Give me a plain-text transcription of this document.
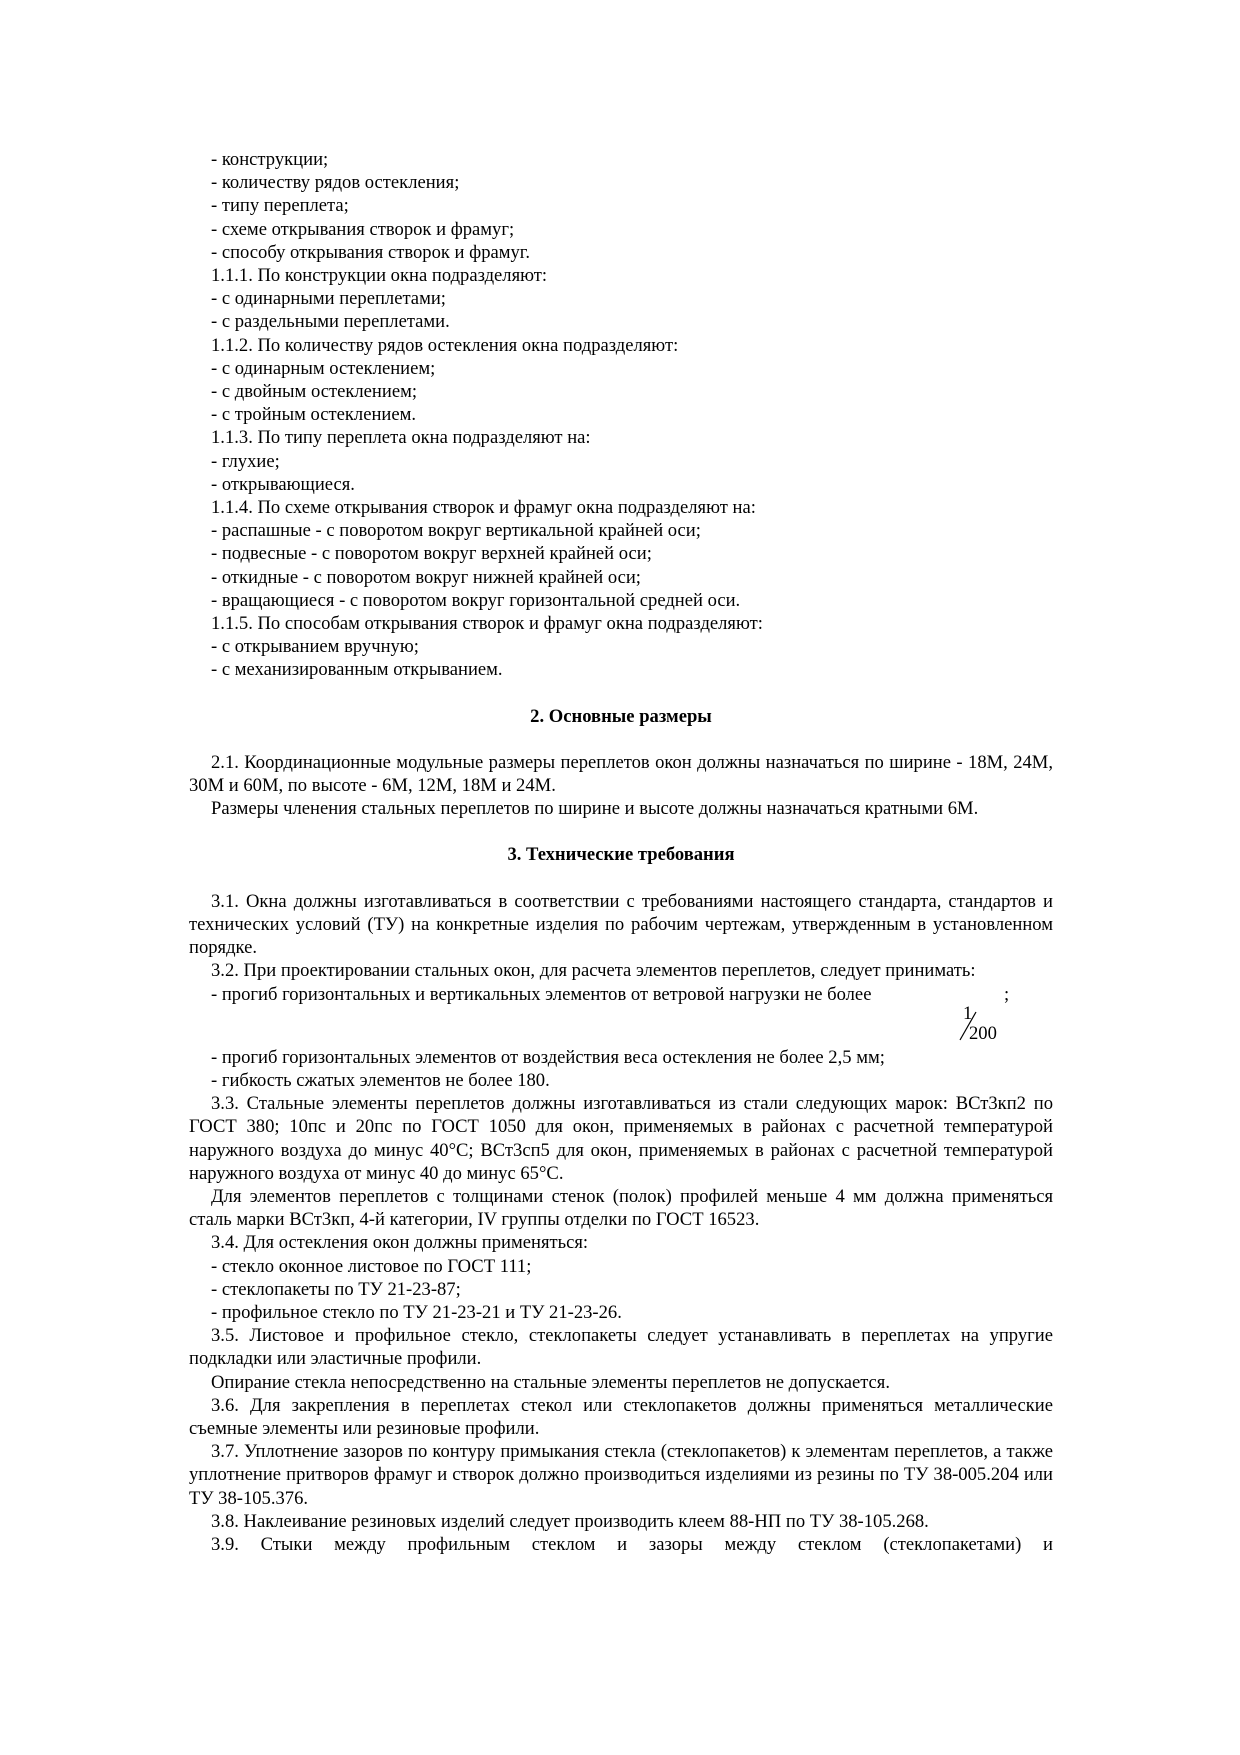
- конструкции;

- количеству рядов остекления;

- типу переплета;

- схеме открывания створок и фрамуг;

- способу открывания створок и фрамуг.

1.1.1. По конструкции окна подразделяют:

- с одинарными переплетами;

- с раздельными переплетами.

1.1.2. По количеству рядов остекления окна подразделяют:

- с одинарным остеклением;

- с двойным остеклением;

- с тройным остеклением.

1.1.3. По типу переплета окна подразделяют на:

- глухие;

- открывающиеся.

1.1.4. По схеме открывания створок и фрамуг окна подразделяют на:

- распашные - с поворотом вокруг вертикальной крайней оси;

- подвесные - с поворотом вокруг верхней крайней оси;

- откидные - с поворотом вокруг нижней крайней оси;

- вращающиеся - с поворотом вокруг горизонтальной средней оси.

1.1.5. По способам открывания створок и фрамуг окна подразделяют:

- с открыванием вручную;

- с механизированным открыванием.

2. Основные размеры

2.1. Координационные модульные размеры переплетов окон должны назначаться по ширине - 18М, 24М, 30М и 60М, по высоте - 6М, 12М, 18М и 24М.

Размеры членения стальных переплетов по ширине и высоте должны назначаться кратными 6М.

3. Технические требования

3.1. Окна должны изготавливаться в соответствии с требованиями настоящего стандарта, стандартов и технических условий (ТУ) на конкретные изделия по рабочим чертежам, утвержденным в установленном порядке.

3.2. При проектировании стальных окон, для расчета элементов переплетов, следует принимать:

- прогиб горизонтальных и вертикальных элементов от ветровой нагрузки не более	;
1
200

- прогиб горизонтальных элементов от воздействия веса остекления не более 2,5 мм;

- гибкость сжатых элементов не более 180.

3.3. Стальные элементы переплетов должны изготавливаться из стали следующих марок: ВСт3кп2 по ГОСТ 380; 10пс и 20пс по ГОСТ 1050 для окон, применяемых в районах с расчетной температурой наружного воздуха до минус 40°С; ВСт3сп5 для окон, применяемых в районах с расчетной температурой наружного воздуха от минус 40 до минус 65°С.

Для элементов переплетов с толщинами стенок (полок) профилей меньше 4 мм должна применяться сталь марки ВСт3кп, 4-й категории, IV группы отделки по ГОСТ 16523.

3.4. Для остекления окон должны применяться:

- стекло оконное листовое по ГОСТ 111;

- стеклопакеты по ТУ 21-23-87;

- профильное стекло по ТУ 21-23-21 и ТУ 21-23-26.

3.5. Листовое и профильное стекло, стеклопакеты следует устанавливать в переплетах на упругие подкладки или эластичные профили.

Опирание стекла непосредственно на стальные элементы переплетов не допускается.

3.6. Для закрепления в переплетах стекол или стеклопакетов должны применяться металлические съемные элементы или резиновые профили.

3.7. Уплотнение зазоров по контуру примыкания стекла (стеклопакетов) к элементам переплетов, а также уплотнение притворов фрамуг и створок должно производиться изделиями из резины по ТУ 38-005.204 или ТУ 38-105.376.

3.8. Наклеивание резиновых изделий следует производить клеем 88-НП по ТУ 38-105.268.

3.9. Стыки между профильным стеклом и зазоры между стеклом (стеклопакетами) и
